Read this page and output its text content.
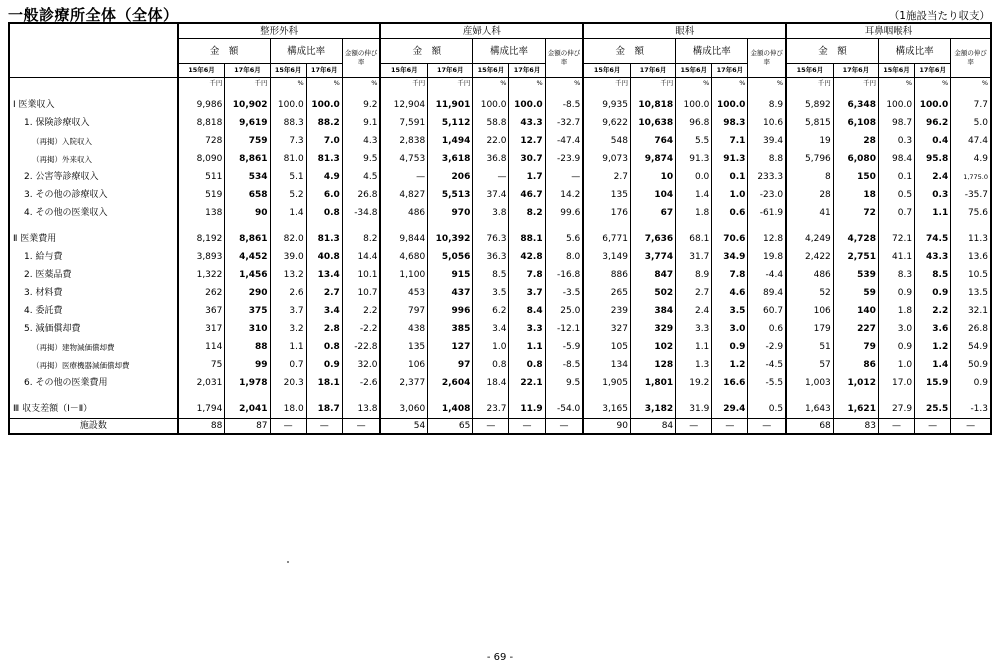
一般診療所全体（全体）	（1施設当たり収支）
	整形外科					産婦人科					眼科					耳鼻咽喉科				
	金　額		構成比率		金額の伸び率	金　額		構成比率		金額の伸び率	金　額		構成比率		金額の伸び率	金　額		構成比率		金額の伸び率
	15年6月	17年6月	15年6月	17年6月		15年6月	17年6月	15年6月	17年6月		15年6月	17年6月	15年6月	17年6月		15年6月	17年6月	15年6月	17年6月	
	千円	千円	%	%	%	千円	千円	%	%	%	千円	千円	%	%	%	千円	千円	%	%	%

Ⅰ 医業収入	9,986	10,902	100.0	100.0	9.2	12,904	11,901	100.0	100.0	-8.5	9,935	10,818	100.0	100.0	8.9	5,892	6,348	100.0	100.0	7.7
1. 保険診療収入	8,818	9,619	88.3	88.2	9.1	7,591	5,112	58.8	43.3	-32.7	9,622	10,638	96.8	98.3	10.6	5,815	6,108	98.7	96.2	5.0
（再掲）入院収入	728	759	7.3	7.0	4.3	2,838	1,494	22.0	12.7	-47.4	548	764	5.5	7.1	39.4	19	28	0.3	0.4	47.4
（再掲）外来収入	8,090	8,861	81.0	81.3	9.5	4,753	3,618	36.8	30.7	-23.9	9,073	9,874	91.3	91.3	8.8	5,796	6,080	98.4	95.8	4.9
2. 公害等診療収入	511	534	5.1	4.9	4.5	—	206	—	1.7	—	2.7	10	0.0	0.1	233.3	8	150	0.1	2.4	1,775.0
3. その他の診療収入	519	658	5.2	6.0	26.8	4,827	5,513	37.4	46.7	14.2	135	104	1.4	1.0	-23.0	28	18	0.5	0.3	-35.7
4. その他の医業収入	138	90	1.4	0.8	-34.8	486	970	3.8	8.2	99.6	176	67	1.8	0.6	-61.9	41	72	0.7	1.1	75.6

Ⅱ 医業費用	8,192	8,861	82.0	81.3	8.2	9,844	10,392	76.3	88.1	5.6	6,771	7,636	68.1	70.6	12.8	4,249	4,728	72.1	74.5	11.3
1. 給与費	3,893	4,452	39.0	40.8	14.4	4,680	5,056	36.3	42.8	8.0	3,149	3,774	31.7	34.9	19.8	2,422	2,751	41.1	43.3	13.6
2. 医薬品費	1,322	1,456	13.2	13.4	10.1	1,100	915	8.5	7.8	-16.8	886	847	8.9	7.8	-4.4	486	539	8.3	8.5	10.5
3. 材料費	262	290	2.6	2.7	10.7	453	437	3.5	3.7	-3.5	265	502	2.7	4.6	89.4	52	59	0.9	0.9	13.5
4. 委託費	367	375	3.7	3.4	2.2	797	996	6.2	8.4	25.0	239	384	2.4	3.5	60.7	106	140	1.8	2.2	32.1
5. 減価償却費	317	310	3.2	2.8	-2.2	438	385	3.4	3.3	-12.1	327	329	3.3	3.0	0.6	179	227	3.0	3.6	26.8
（再掲）建物減価償却費	114	88	1.1	0.8	-22.8	135	127	1.0	1.1	-5.9	105	102	1.1	0.9	-2.9	51	79	0.9	1.2	54.9
（再掲）医療機器減価償却費	75	99	0.7	0.9	32.0	106	97	0.8	0.8	-8.5	134	128	1.3	1.2	-4.5	57	86	1.0	1.4	50.9
6. その他の医業費用	2,031	1,978	20.3	18.1	-2.6	2,377	2,604	18.4	22.1	9.5	1,905	1,801	19.2	16.6	-5.5	1,003	1,012	17.0	15.9	0.9

Ⅲ 収支差額（Ⅰ－Ⅱ）	1,794	2,041	18.0	18.7	13.8	3,060	1,408	23.7	11.9	-54.0	3,165	3,182	31.9	29.4	0.5	1,643	1,621	27.9	25.5	-1.3
施設数	88	87	—	—	—	54	65	—	—	—	90	84	—	—	—	68	83	—	—	—
- 69 -
